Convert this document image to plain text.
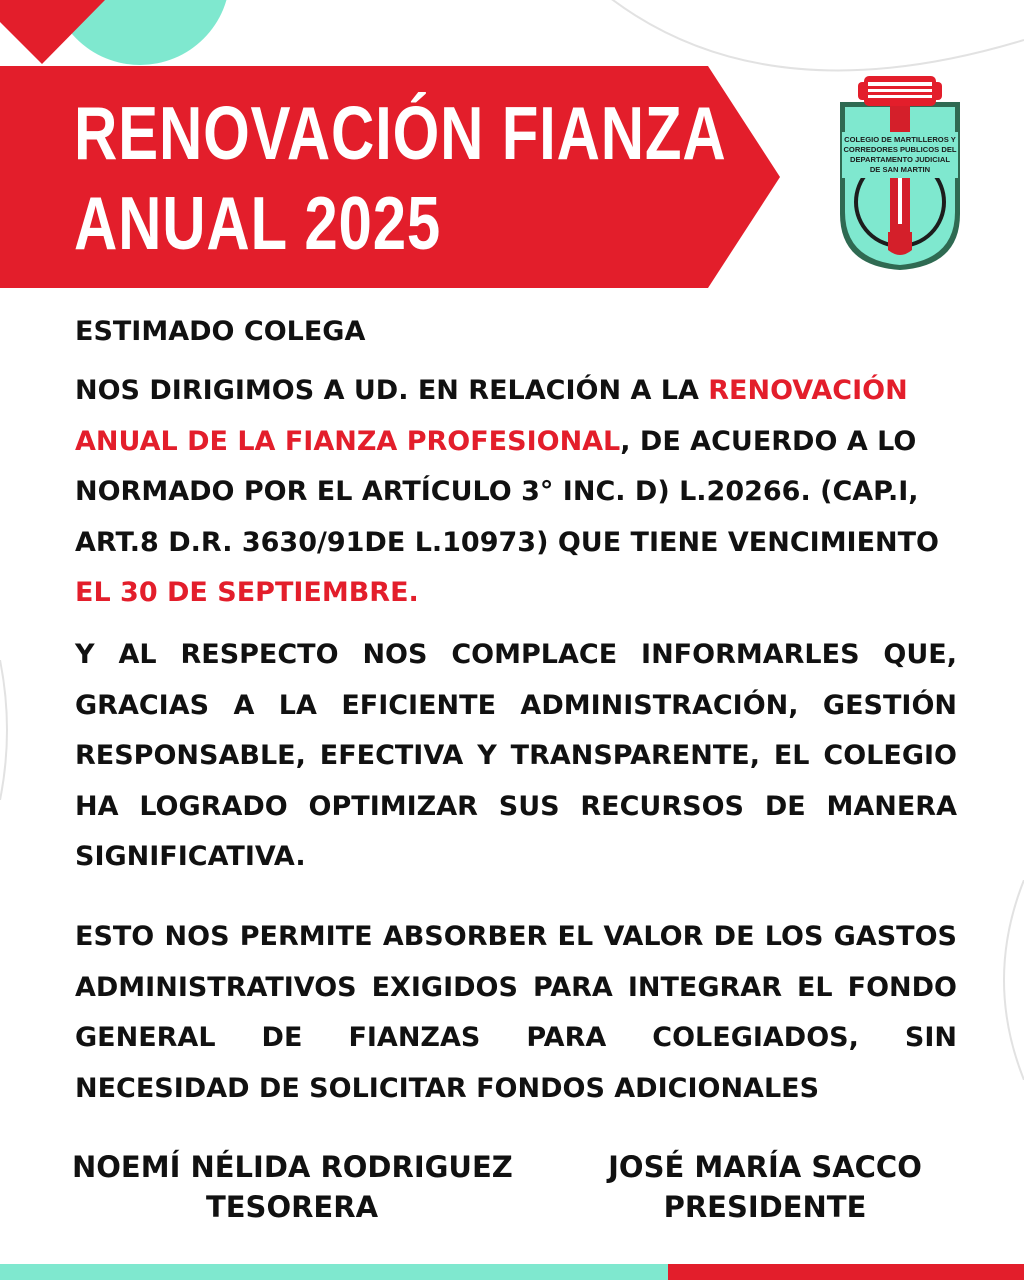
RENOVACIÓN FIANZA
ANUAL 2025
COLEGIO DE MARTILLEROS Y
CORREDORES PUBLICOS DEL
DEPARTAMENTO JUDICIAL
DE SAN MARTIN
ESTIMADO COLEGA
NOS DIRIGIMOS A UD. EN RELACIÓN A LA RENOVACIÓN ANUAL DE LA FIANZA PROFESIONAL, DE ACUERDO A LO NORMADO POR EL ARTÍCULO 3° INC. D) L.20266. (CAP.I, ART.8 D.R. 3630/91DE L.10973) QUE TIENE VENCIMIENTO EL 30 DE SEPTIEMBRE.
Y AL RESPECTO NOS COMPLACE INFORMARLES QUE, GRACIAS A LA EFICIENTE ADMINISTRACIÓN, GESTIÓN RESPONSABLE, EFECTIVA Y TRANSPARENTE, EL COLEGIO HA LOGRADO OPTIMIZAR SUS RECURSOS DE MANERA SIGNIFICATIVA.
ESTO NOS PERMITE ABSORBER EL VALOR DE LOS GASTOS ADMINISTRATIVOS EXIGIDOS PARA INTEGRAR EL FONDO GENERAL DE FIANZAS PARA COLEGIADOS, SIN NECESIDAD DE SOLICITAR FONDOS ADICIONALES
NOEMÍ NÉLIDA RODRIGUEZ
TESORERA
JOSÉ MARÍA SACCO
PRESIDENTE
